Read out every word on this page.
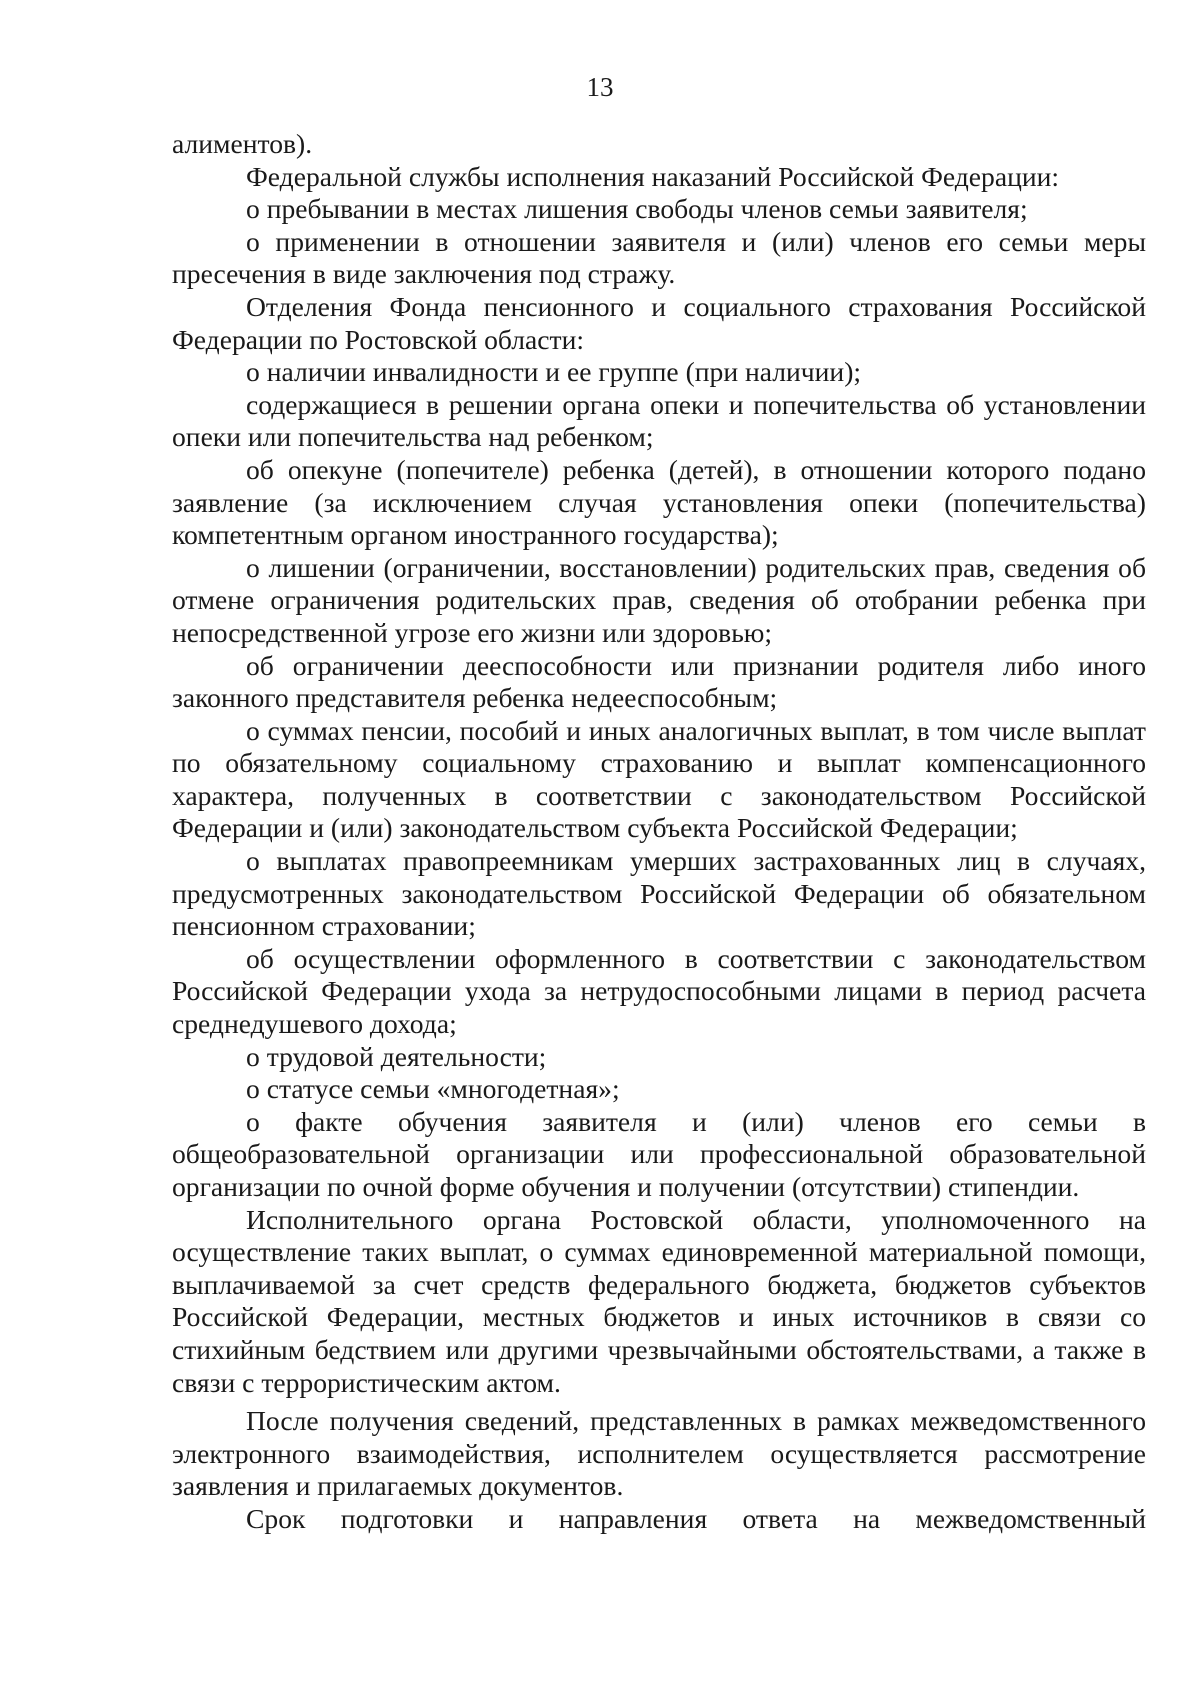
13

алиментов).

Федеральной службы исполнения наказаний Российской Федерации:

о пребывании в местах лишения свободы членов семьи заявителя;

о применении в отношении заявителя и (или) членов его семьи меры пресечения в виде заключения под стражу.

Отделения Фонда пенсионного и социального страхования Российской Федерации по Ростовской области:

о наличии инвалидности и ее группе (при наличии);

содержащиеся в решении органа опеки и попечительства об установлении опеки или попечительства над ребенком;

об опекуне (попечителе) ребенка (детей), в отношении которого подано заявление (за исключением случая установления опеки (попечительства) компетентным органом иностранного государства);

о лишении (ограничении, восстановлении) родительских прав, сведения об отмене ограничения родительских прав, сведения об отобрании ребенка при непосредственной угрозе его жизни или здоровью;

об ограничении дееспособности или признании родителя либо иного законного представителя ребенка недееспособным;

о суммах пенсии, пособий и иных аналогичных выплат, в том числе выплат по обязательному социальному страхованию и выплат компенсационного характера, полученных в соответствии с законодательством Российской Федерации и (или) законодательством субъекта Российской Федерации;

о выплатах правопреемникам умерших застрахованных лиц в случаях, предусмотренных законодательством Российской Федерации об обязательном пенсионном страховании;

об осуществлении оформленного в соответствии с законодательством Российской Федерации ухода за нетрудоспособными лицами в период расчета среднедушевого дохода;

о трудовой деятельности;

о статусе семьи «многодетная»;

о факте обучения заявителя и (или) членов его семьи в общеобразовательной организации или профессиональной образовательной организации по очной форме обучения и получении (отсутствии) стипендии.

Исполнительного органа Ростовской области, уполномоченного на осуществление таких выплат, о суммах единовременной материальной помощи, выплачиваемой за счет средств федерального бюджета, бюджетов субъектов Российской Федерации, местных бюджетов и иных источников в связи со стихийным бедствием или другими чрезвычайными обстоятельствами, а также в связи с террористическим актом.

После получения сведений, представленных в рамках межведомственного электронного взаимодействия, исполнителем осуществляется рассмотрение заявления и прилагаемых документов.

Срок подготовки и направления ответа на межведомственный
